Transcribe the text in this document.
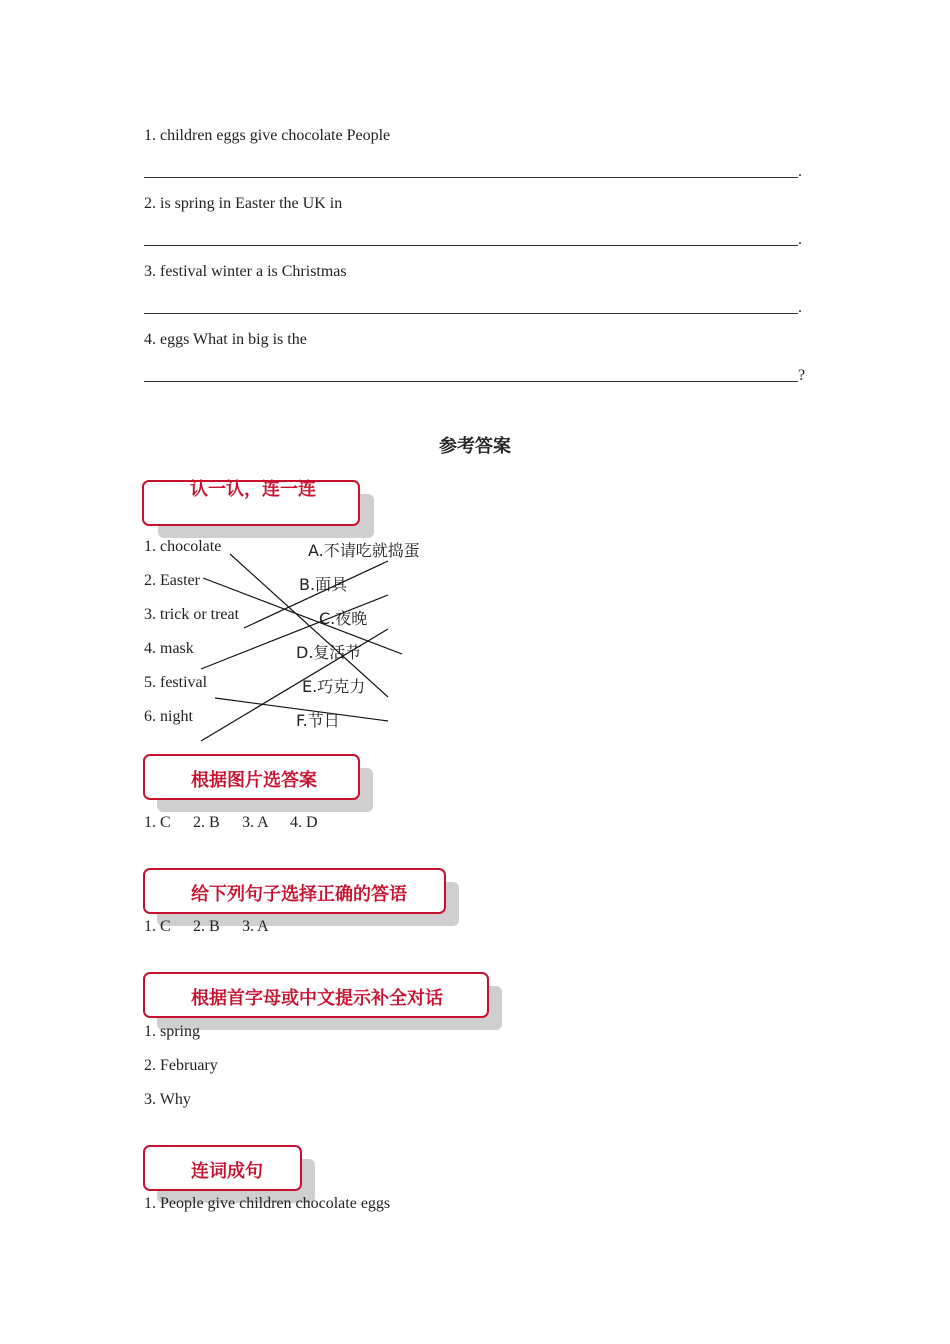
1. children eggs give chocolate People
.
2. is spring in Easter the UK in
.
3. festival winter a is Christmas
.
4. eggs What in big is the
?
参考答案
认一认，连一连
1. chocolate
2. Easter
3. trick or treat
4. mask
5. festival
6. night
A.不请吃就捣蛋
B.面具
C.夜晚
D.复活节
E.巧克力
F.节日
根据图片选答案
1. C 2. B 3. A 4. D
给下列句子选择正确的答语
1. C 2. B 3. A
根据首字母或中文提示补全对话
1. spring
2. February
3. Why
连词成句
1. People give children chocolate eggs
